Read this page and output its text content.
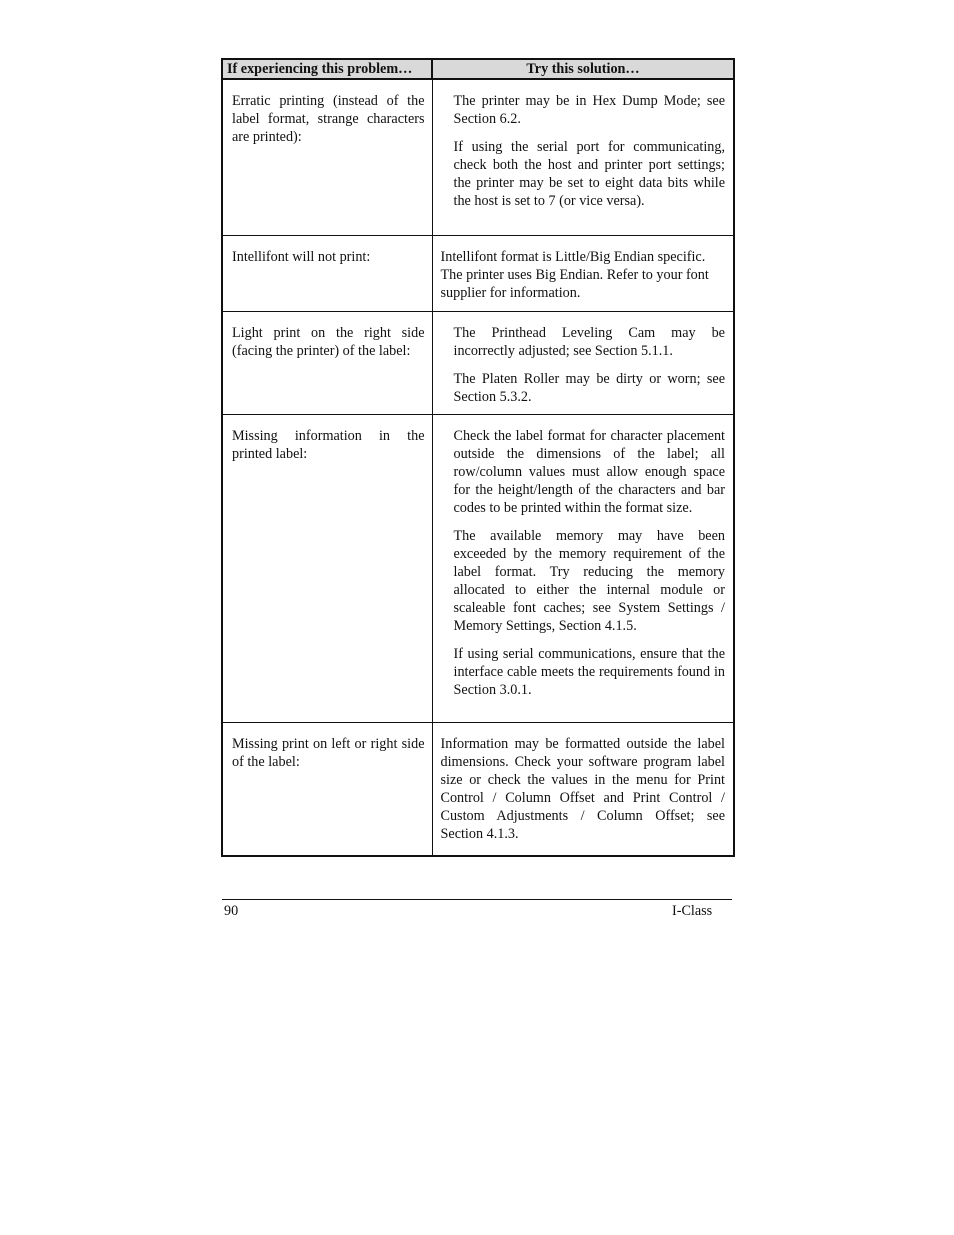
If experiencing this problem…	Try this solution…

Erratic printing (instead of the label format, strange characters are printed):	The printer may be in Hex Dump Mode; see Section 6.2.

If using the serial port for communicating, check both the host and printer port settings; the printer may be set to eight data bits while the host is set to 7 (or vice versa).

Intellifont will not print:	Intellifont format is Little/Big Endian specific. The printer uses Big Endian. Refer to your font supplier for information.

Light print on the right side (facing the printer) of the label:	The Printhead Leveling Cam may be incorrectly adjusted; see Section 5.1.1.

The Platen Roller may be dirty or worn; see Section 5.3.2.

Missing information in the printed label:	Check the label format for character placement outside the dimensions of the label; all row/column values must allow enough space for the height/length of the characters and bar codes to be printed within the format size.

The available memory may have been exceeded by the memory requirement of the label format. Try reducing the memory allocated to either the internal module or scaleable font caches; see System Settings / Memory Settings, Section 4.1.5.

If using serial communications, ensure that the interface cable meets the requirements found in Section 3.0.1.

Missing print on left or right side of the label:	Information may be formatted outside the label dimensions. Check your software program label size or check the values in the menu for Print Control / Column Offset and Print Control / Custom Adjustments / Column Offset; see Section 4.1.3.

90	I-Class
